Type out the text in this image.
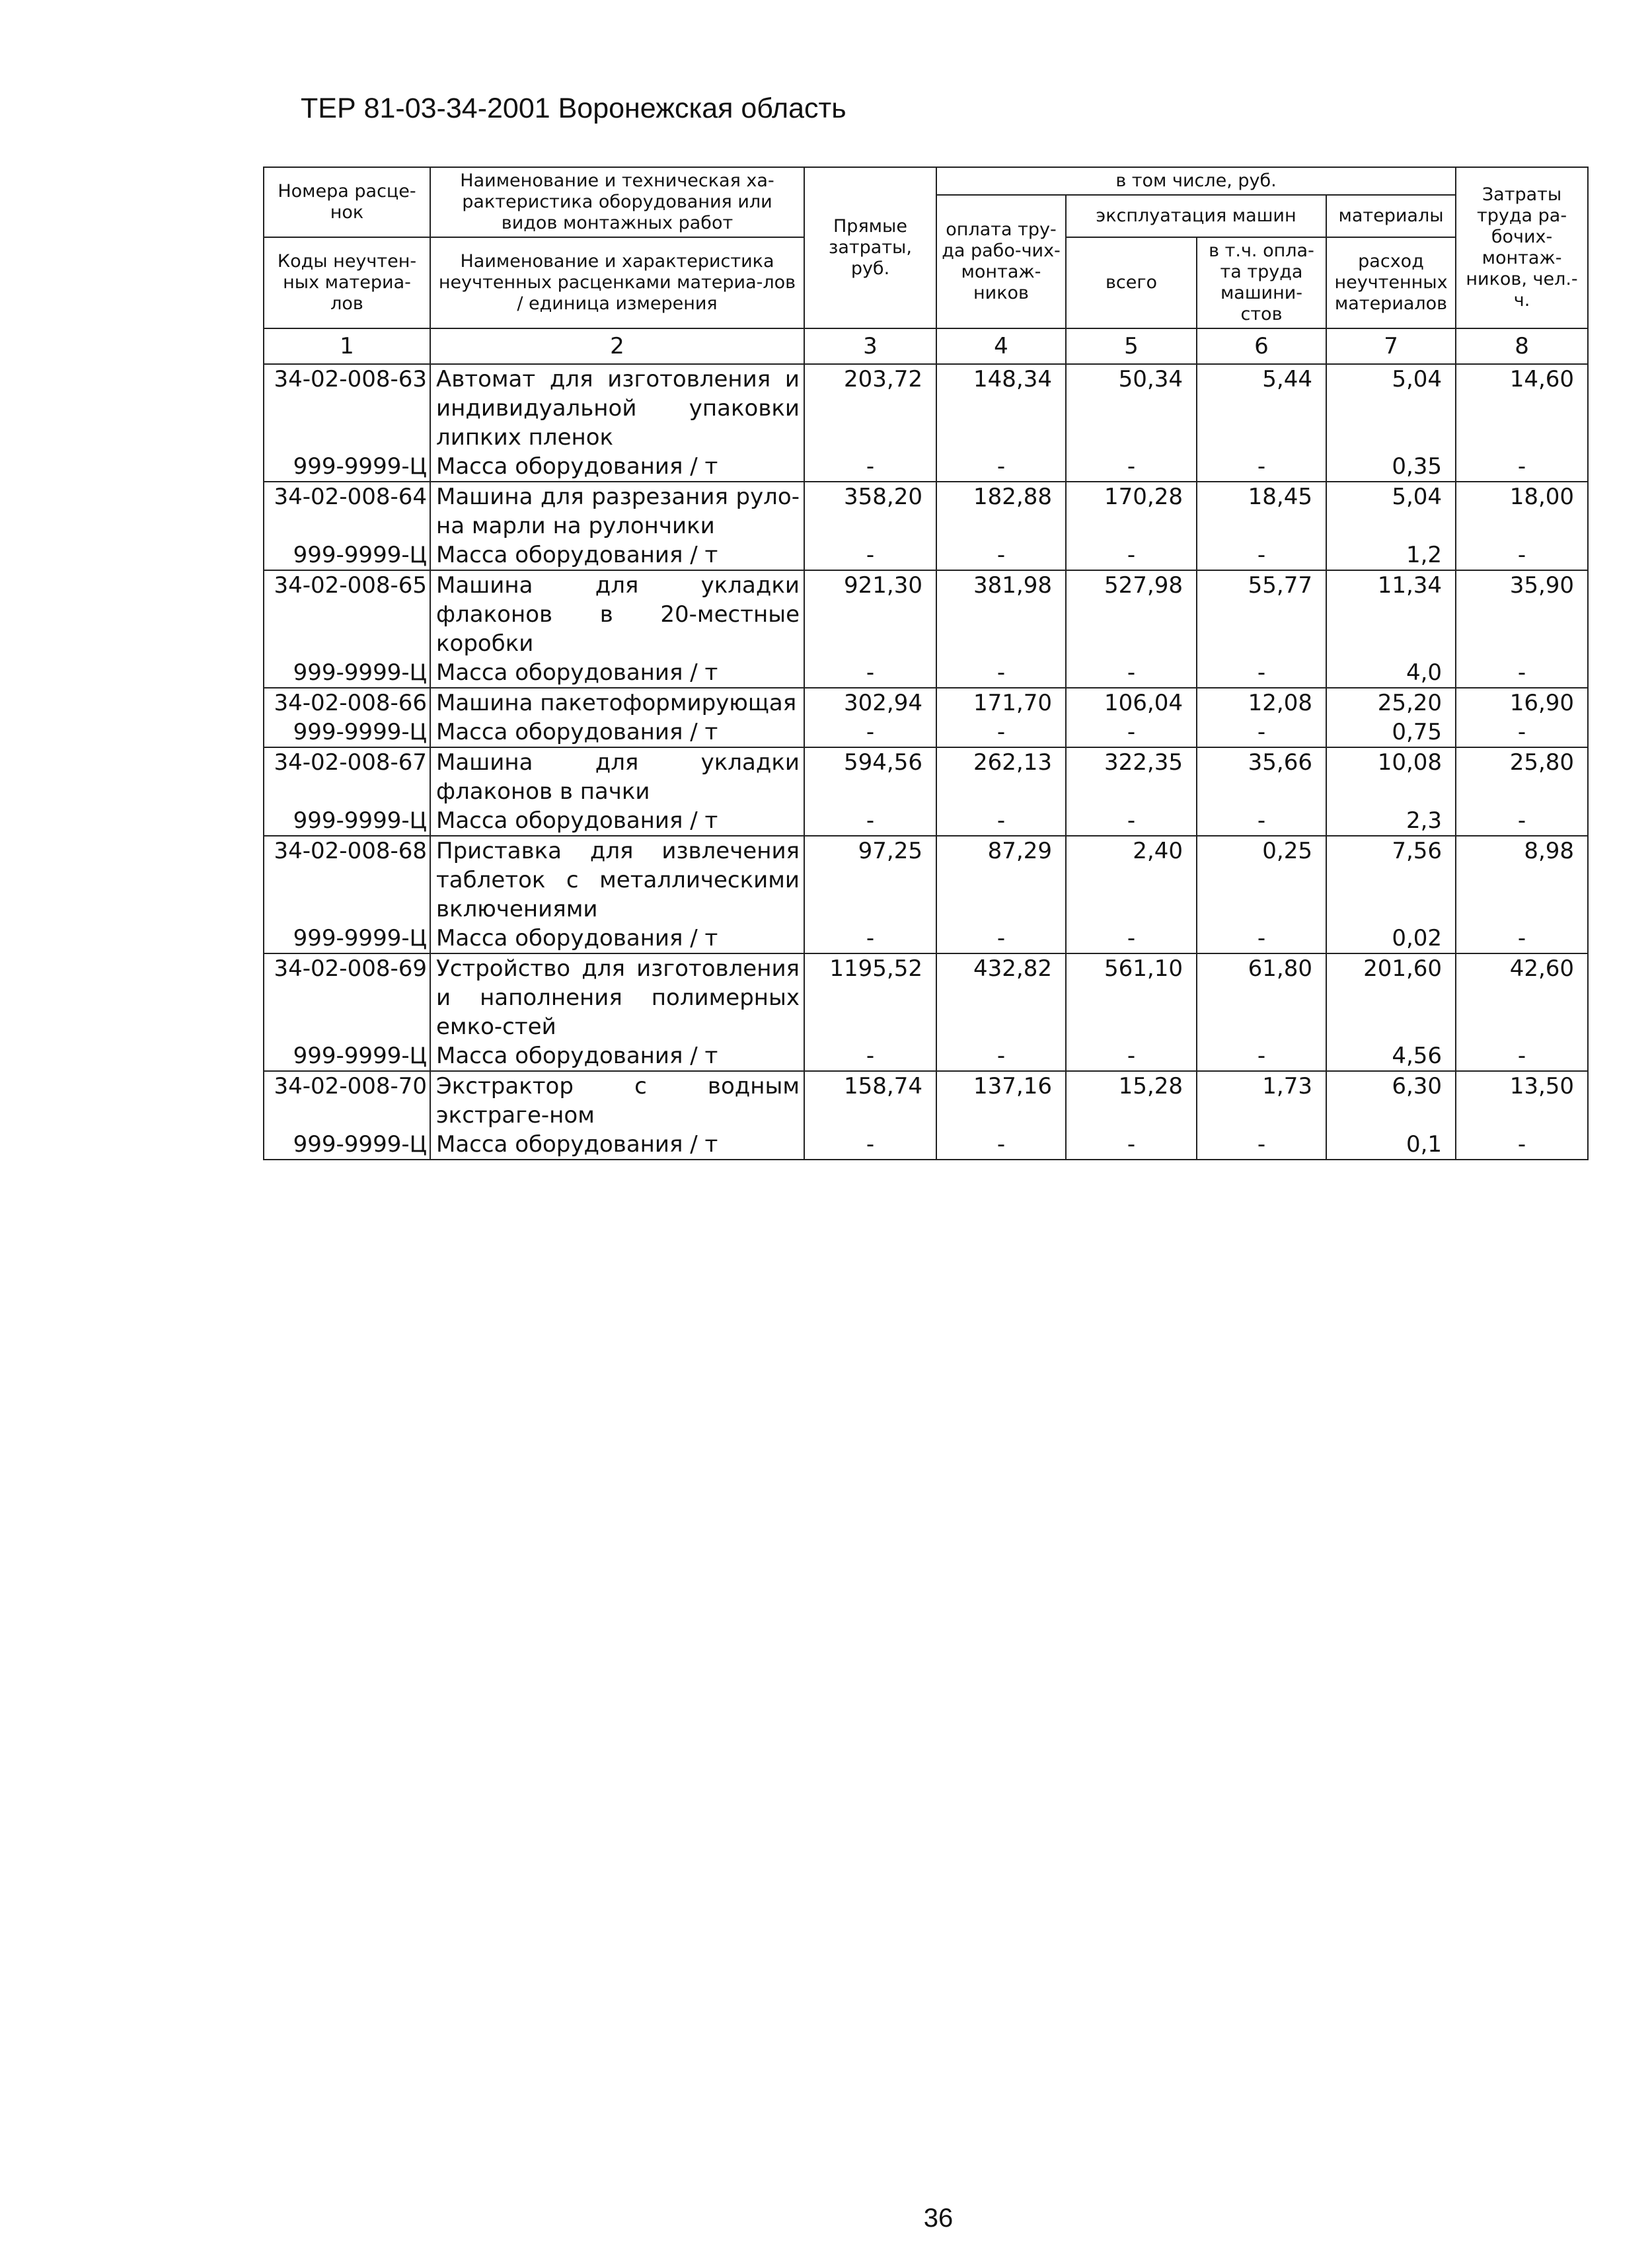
ТЕР 81-03-34-2001 Воронежская область
Номера расце-нок	Наименование и техническая ха-рактеристика оборудования или видов монтажных работ	Прямые затраты, руб.	в том числе, руб.				Затраты труда ра-бочих-монтаж-ников, чел.-ч.
			оплата тру-да рабо-чих-монтаж-ников	эксплуатация машин		материалы	

Коды неучтен-ных материа-лов	Наименование и характеристика неучтенных расценками материа-лов / единица измерения			всего	в т.ч. опла-та труда машини-стов	расход неучтенных материалов	

1	2	3	4	5	6	7	8
34-02-008-63	Автомат для изготовления и индивидуальной упаковки липких пленок	203,72	148,34	50,34	5,44	5,04	14,60
999-9999-Ц	Масса оборудования / т	-	-	-	-	0,35	-
34-02-008-64	Машина для разрезания руло-на марли на рулончики	358,20	182,88	170,28	18,45	5,04	18,00
999-9999-Ц	Масса оборудования / т	-	-	-	-	1,2	-
34-02-008-65	Машина для укладки флаконов в 20-местные коробки	921,30	381,98	527,98	55,77	11,34	35,90
999-9999-Ц	Масса оборудования / т	-	-	-	-	4,0	-
34-02-008-66	Машина пакетоформирующая	302,94	171,70	106,04	12,08	25,20	16,90
999-9999-Ц	Масса оборудования / т	-	-	-	-	0,75	-
34-02-008-67	Машина для укладки флаконов в пачки	594,56	262,13	322,35	35,66	10,08	25,80
999-9999-Ц	Масса оборудования / т	-	-	-	-	2,3	-
34-02-008-68	Приставка для извлечения таблеток с металлическими включениями	97,25	87,29	2,40	0,25	7,56	8,98
999-9999-Ц	Масса оборудования / т	-	-	-	-	0,02	-
34-02-008-69	Устройство для изготовления и наполнения полимерных емко-стей	1195,52	432,82	561,10	61,80	201,60	42,60
999-9999-Ц	Масса оборудования / т	-	-	-	-	4,56	-
34-02-008-70	Экстрактор с водным экстраге-ном	158,74	137,16	15,28	1,73	6,30	13,50
999-9999-Ц	Масса оборудования / т	-	-	-	-	0,1	-
36
